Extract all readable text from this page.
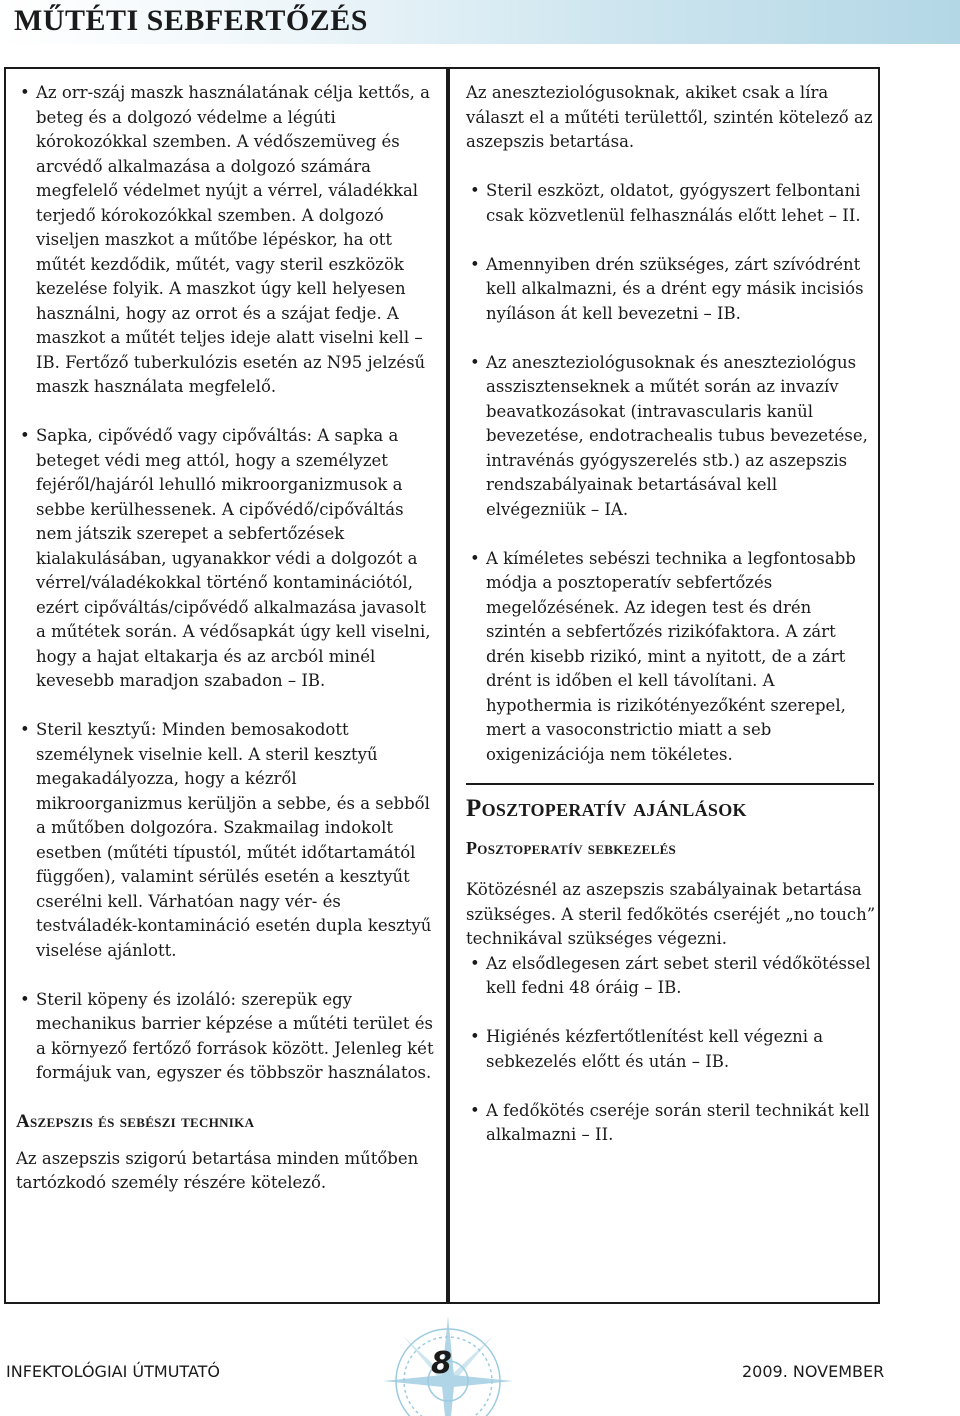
MŰTÉTI SEBFERTŐZÉS
• Az orr-száj maszk használatának célja kettős, a beteg és a dolgozó védelme a légúti kórokozókkal szemben. A védőszemüveg és arcvédő alkalmazása a dolgozó számára megfelelő védelmet nyújt a vérrel, váladékkal terjedő kórokozókkal szemben. A dolgozó viseljen maszkot a műtőbe lépéskor, ha ott műtét kezdődik, műtét, vagy steril eszközök kezelése folyik. A maszkot úgy kell helyesen használni, hogy az orrot és a szájat fedje. A maszkot a műtét teljes ideje alatt viselni kell – IB. Fertőző tuberkulózis esetén az N95 jelzésű maszk használata megfelelő.
• Sapka, cipővédő vagy cipőváltás: A sapka a beteget védi meg attól, hogy a személyzet fejéről/hajáról lehulló mikroorganizmusok a sebbe kerülhessenek. A cipővédő/cipőváltás nem játszik szerepet a sebfertőzések kialakulásában, ugyanakkor védi a dolgozót a vérrel/váladékokkal történő kontaminációtól, ezért cipőváltás/cipővédő alkalmazása javasolt a műtétek során. A védősapkát úgy kell viselni, hogy a hajat eltakarja és az arcból minél kevesebb maradjon szabadon – IB.
• Steril kesztyű: Minden bemosakodott személynek viselnie kell. A steril kesztyű megakadályozza, hogy a kézről mikroorganizmus kerüljön a sebbe, és a sebből a műtőben dolgozóra. Szakmailag indokolt esetben (műtéti típustól, műtét időtartamától függően), valamint sérülés esetén a kesztyűt cserélni kell. Várhatóan nagy vér- és testváladék-kontamináció esetén dupla kesztyű viselése ajánlott.
• Steril köpeny és izoláló: szerepük egy mechanikus barrier képzése a műtéti terület és a környező fertőző források között. Jelenleg két formájuk van, egyszer és többször használatos.
Aszepszis és sebészi technika

Az aszepszis szigorú betartása minden műtőben tartózkodó személy részére kötelező.

Az aneszteziológusoknak, akiket csak a líra választ el a műtéti területtől, szintén kötelező az aszepszis betartása.

• Steril eszközt, oldatot, gyógyszert felbontani csak közvetlenül felhasználás előtt lehet – II.
• Amennyiben drén szükséges, zárt szívódrént kell alkalmazni, és a drént egy másik incisiós nyíláson át kell bevezetni – IB.
• Az aneszteziológusoknak és aneszteziológus asszisztenseknek a műtét során az invazív beavatkozásokat (intravascularis kanül bevezetése, endotrachealis tubus bevezetése, intravénás gyógyszerelés stb.) az aszepszis rendszabályainak betartásával kell elvégezniük – IA.
• A kíméletes sebészi technika a legfontosabb módja a posztoperatív sebfertőzés megelőzésének. Az idegen test és drén szintén a sebfertőzés rizikófaktora. A zárt drén kisebb rizikó, mint a nyitott, de a zárt drént is időben el kell távolítani. A hypothermia is rizikótényezőként szerepel, mert a vasoconstrictio miatt a seb oxigenizációja nem tökéletes.
Posztoperatív ajánlások
Posztoperatív sebkezelés

Kötözésnél az aszepszis szabályainak betartása szükséges. A steril fedőkötés cseréjét „no touch” technikával szükséges végezni.

• Az elsődlegesen zárt sebet steril védőkötéssel kell fedni 48 óráig – IB.
• Higiénés kézfertőtlenítést kell végezni a sebkezelés előtt és után – IB.
• A fedőkötés cseréje során steril technikát kell alkalmazni – II.
INFEKTOLÓGIAI ÚTMUTATÓ	8	2009. NOVEMBER
